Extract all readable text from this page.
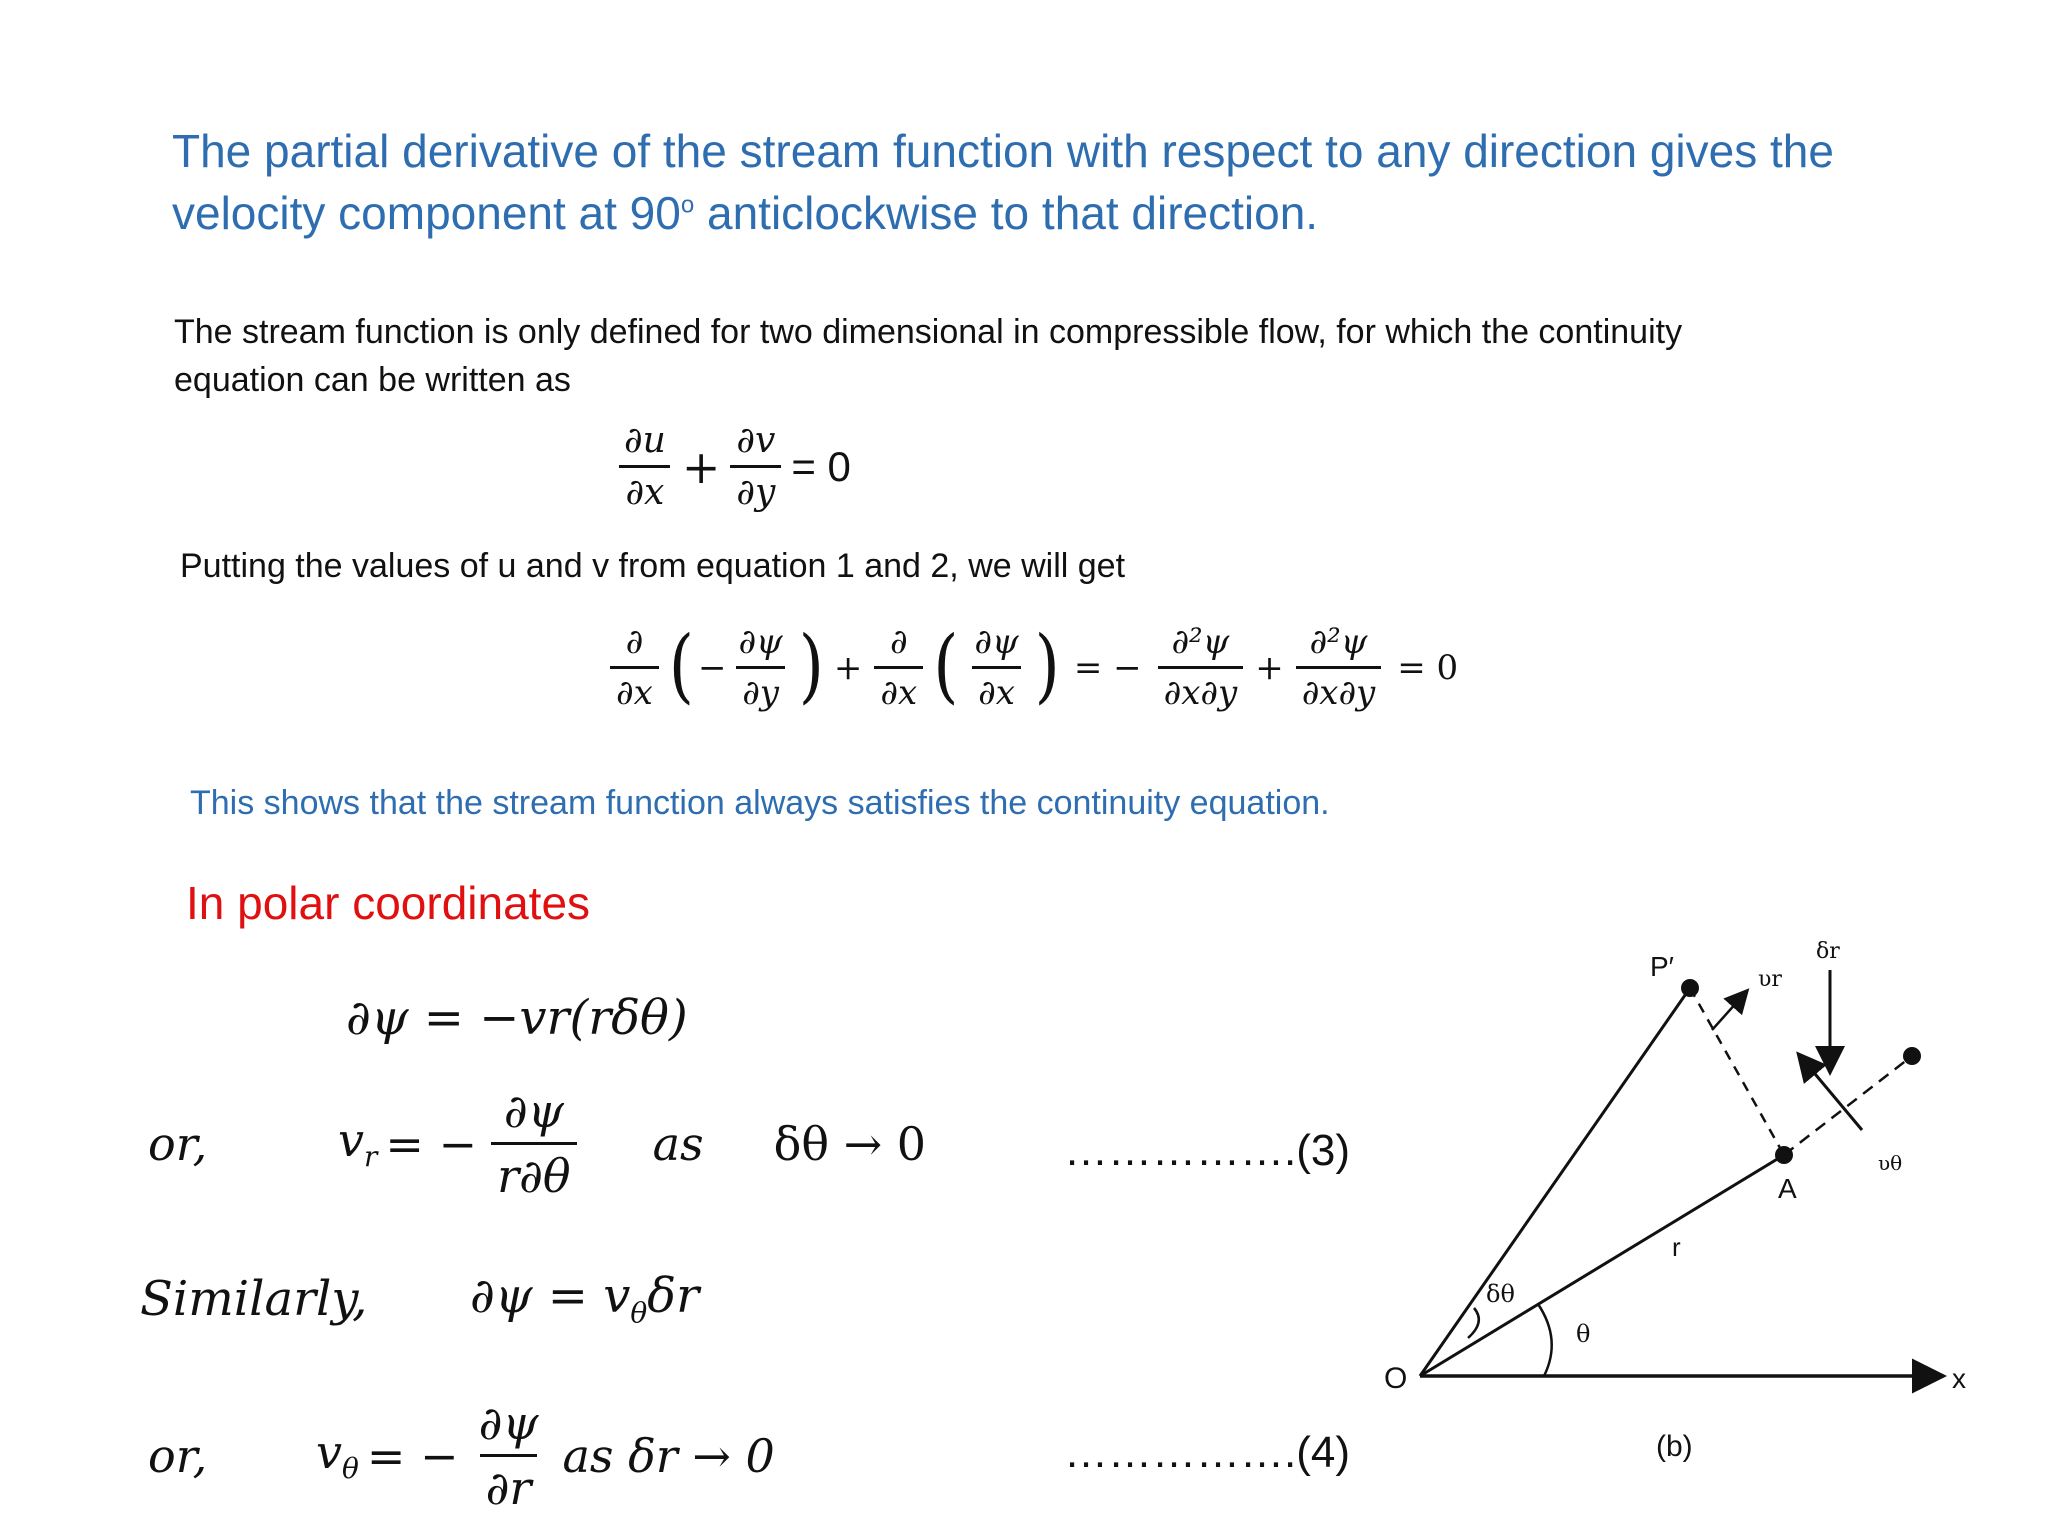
The partial derivative of the stream function with respect to any direction gives the
velocity component at 90$^o$ anticlockwise to that direction.
The stream function is only defined for two dimensional in compressible flow, for which the continuity
equation can be written as
$\frac{\partial u}{\partial x} + \frac{\partial v}{\partial y} = 0$
Putting the values of u and v from equation 1 and 2, we will get
$\frac{\partial}{\partial x}$ ( − $\frac{\partial\psi}{\partial y}$ ) + $\frac{\partial}{\partial x}$ ( $\frac{\partial\psi}{\partial x}$ ) = − $\frac{\text{∂²ψ}}{\partial x\partial y} + \frac{\text{∂²ψ}}{\partial x\partial y} = 0$
This shows that the stream function always satisfies the continuity equation.
In polar coordinates
∂ψ = −vr(rδθ)
or,	$v_r$ = − $\frac{\partial\psi}{r\partial\theta}$ as δθ → 0	…………….(3)
Similarly,	$\partial\psi = v_\theta\delta r$
or,	$v_\theta$ = − $\frac{\partial\psi}{\partial r}$ as δr → 0	…………….(4)
P′	υr
δr
υθ
A
r
δθ
θ
O	x
(b)
